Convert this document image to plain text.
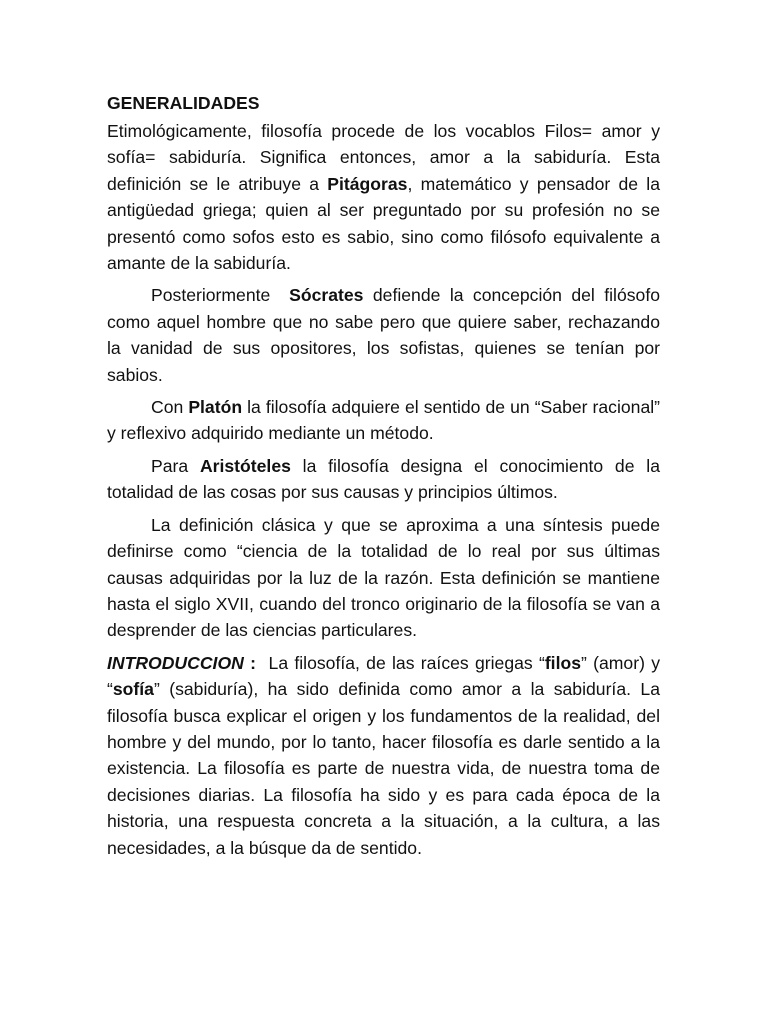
GENERALIDADES

Etimológicamente, filosofía procede de los vocablos Filos= amor y sofía= sabiduría. Significa entonces, amor a la sabiduría. Esta definición se le atribuye a Pitágoras, matemático y pensador de la antigüedad griega; quien al ser preguntado por su profesión no se presentó como sofos esto es sabio, sino como filósofo equivalente a amante de la sabiduría.

Posteriormente  Sócrates defiende la concepción del filósofo como aquel hombre que no sabe pero que quiere saber, rechazando la vanidad de sus opositores, los sofistas, quienes se tenían por sabios.

Con Platón la filosofía adquiere el sentido de un “Saber racional” y reflexivo adquirido mediante un método.

Para Aristóteles la filosofía designa el conocimiento de la totalidad de las cosas por sus causas y principios últimos.

La definición clásica y que se aproxima a una síntesis puede definirse como “ciencia de la totalidad de lo real por sus últimas causas adquiridas por la luz de la razón. Esta definición se mantiene hasta el siglo XVII, cuando del tronco originario de la filosofía se van a desprender de las ciencias particulares.

INTRODUCCION :  La filosofía, de las raíces griegas “filos” (amor) y “sofía” (sabiduría), ha sido definida como amor a la sabiduría. La filosofía busca explicar el origen y los fundamentos de la realidad, del hombre y del mundo, por lo tanto, hacer filosofía es darle sentido a la existencia. La filosofía es parte de nuestra vida, de nuestra toma de decisiones diarias. La filosofía ha sido y es para cada época de la historia, una respuesta concreta a la situación, a la cultura, a las necesidades, a la búsque da de sentido.
